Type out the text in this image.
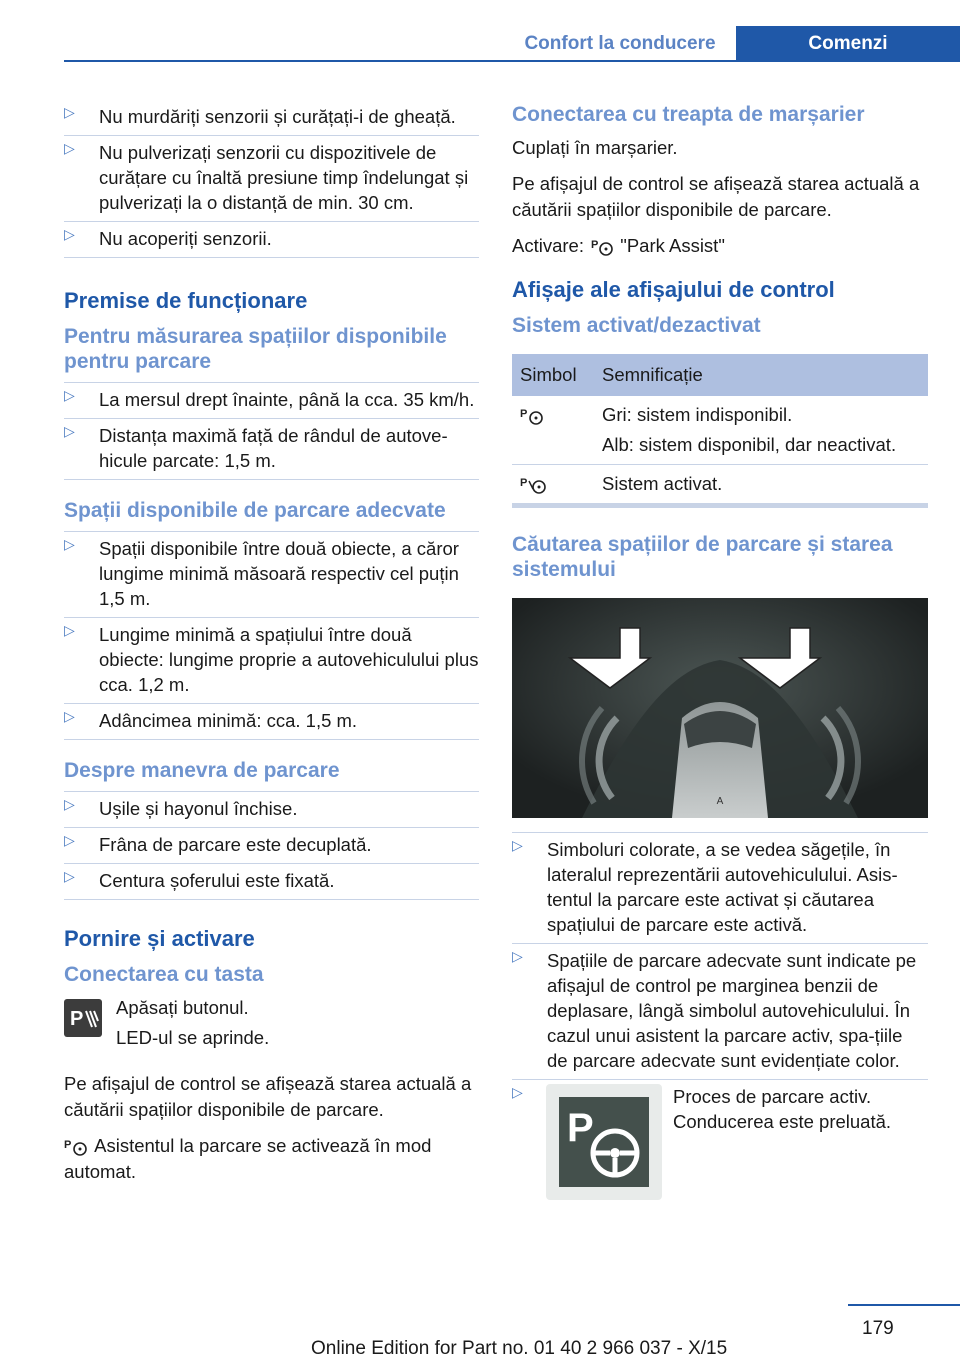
Confort la conducere	Comenzi
▷ Nu murdăriți senzorii și curățați-i de gheață.
▷ Nu pulverizați senzorii cu dispozitivele de curățare cu înaltă presiune timp îndelungat și pulverizați la o distanță de min. 30 cm.
▷ Nu acoperiți senzorii.
Premise de funcționare
Pentru măsurarea spațiilor disponibile pentru parcare
▷ La mersul drept înainte, până la cca. 35 km/h.
▷ Distanța maximă față de rândul de autove‐hicule parcate: 1,5 m.
Spații disponibile de parcare adecvate
▷ Spații disponibile între două obiecte, a căror lungime minimă măsoară respectiv cel puțin 1,5 m.
▷ Lungime minimă a spațiului între două obiecte: lungime proprie a autovehiculului plus cca. 1,2 m.
▷ Adâncimea minimă: cca. 1,5 m.
Despre manevra de parcare
▷ Ușile și hayonul închise.
▷ Frâna de parcare este decuplată.
▷ Centura șoferului este fixată.
Pornire și activare
Conectarea cu tasta
P

Apăsați butonul.

LED-ul se aprinde.

Pe afișajul de control se afișează starea actuală a căutării spațiilor disponibile de parcare.

P Asistentul la parcare se activează în mod automat.

Conectarea cu treapta de marșarier

Cuplați în marșarier.

Pe afișajul de control se afișează starea actuală a căutării spațiilor disponibile de parcare.

Activare: P "Park Assist"

Afișaje ale afișajului de control
Sistem activat/dezactivat
Simbol	Semnificație

P	Gri: sistem indisponibil.
Alb: sistem disponibil, dar neactivat.

P	Sistem activat.
Căutarea spațiilor de parcare și starea sistemului
A
▷ Simboluri colorate, a se vedea săgețile, în lateralul reprezentării autovehiculului. Asis‐tentul la parcare este activat și căutarea spațiului de parcare este activă.
▷ Spațiile de parcare adecvate sunt indicate pe afișajul de control pe marginea benzii de deplasare, lângă simbolul autovehiculului. În cazul unui asistent la parcare activ, spa‐țiile de parcare adecvate sunt evidențiate color.
▷
P
Proces de parcare activ.
Conducerea este preluată.
179
Online Edition for Part no. 01 40 2 966 037 - X/15
